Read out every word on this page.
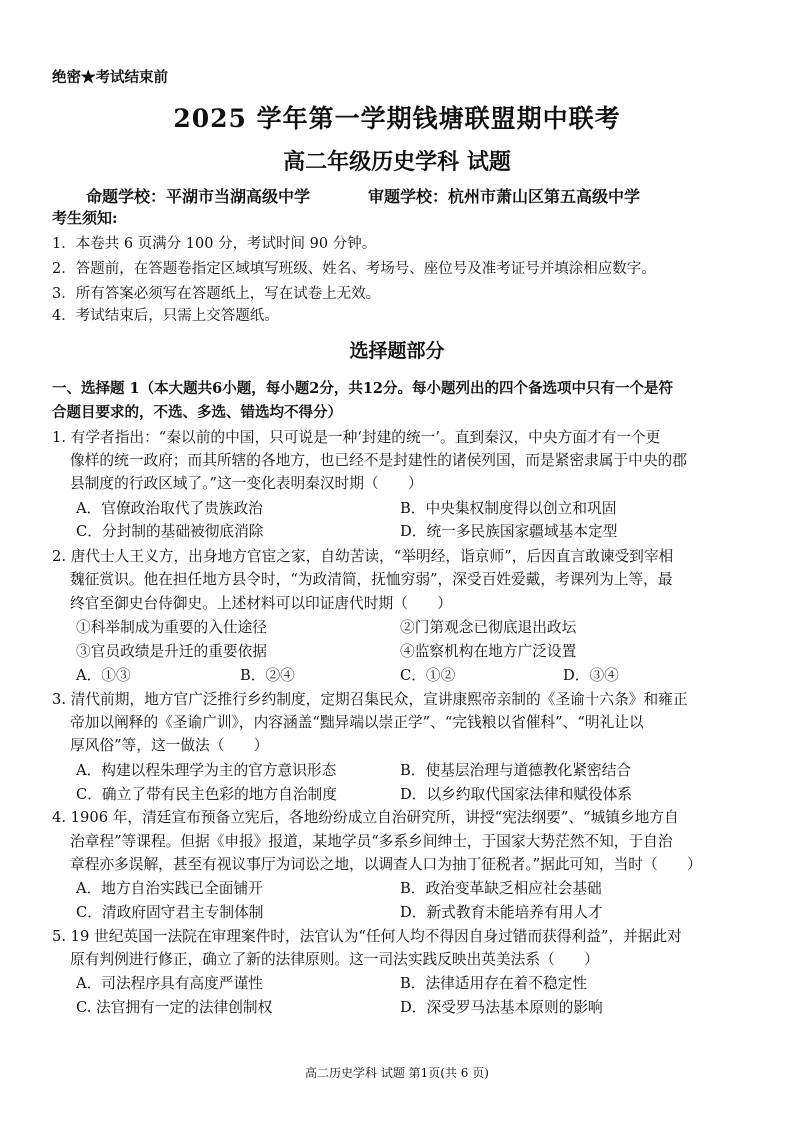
绝密★考试结束前
2025 学年第一学期钱塘联盟期中联考
高二年级历史学科 试题
命题学校：平湖市当湖高级中学	审题学校：杭州市萧山区第五高级中学
考生须知:
1．本卷共 6 页满分 100 分，考试时间 90 分钟。
2．答题前，在答题卷指定区域填写班级、姓名、考场号、座位号及准考证号并填涂相应数字。
3．所有答案必须写在答题纸上，写在试卷上无效。
4．考试结束后，只需上交答题纸。
选择题部分
一、选择题 1（本大题共6小题，每小题2分，共12分。每小题列出的四个备选项中只有一个是符
合题目要求的，不选、多选、错选均不得分）
1. 有学者指出：“秦以前的中国，只可说是一种‘封建的统一’。直到秦汉，中央方面才有一个更
像样的统一政府；而其所辖的各地方，也已经不是封建性的诸侯列国，而是紧密隶属于中央的郡
县制度的行政区域了。”这一变化表明秦汉时期（　　）
A．官僚政治取代了贵族政治	B．中央集权制度得以创立和巩固
C．分封制的基础被彻底消除	D．统一多民族国家疆域基本定型
2. 唐代士人王义方，出身地方官宦之家，自幼苦读，“举明经，诣京师”，后因直言敢谏受到宰相
魏征赏识。他在担任地方县令时，“为政清简，抚恤穷弱”，深受百姓爱戴，考课列为上等，最
终官至御史台侍御史。上述材料可以印证唐代时期（　　）
①科举制成为重要的入仕途径	②门第观念已彻底退出政坛
③官员政绩是升迁的重要依据	④监察机构在地方广泛设置
A．①③	B．②④	C．①②	D．③④
3. 清代前期，地方官广泛推行乡约制度，定期召集民众，宣讲康熙帝亲制的《圣谕十六条》和雍正
帝加以阐释的《圣谕广训》，内容涵盖“黜异端以崇正学”、“完钱粮以省催科”、“明礼让以
厚风俗”等，这一做法（　　）
A．构建以程朱理学为主的官方意识形态	B．使基层治理与道德教化紧密结合
C．确立了带有民主色彩的地方自治制度	D．以乡约取代国家法律和赋役体系
4. 1906 年，清廷宣布预备立宪后，各地纷纷成立自治研究所，讲授“宪法纲要”、“城镇乡地方自
治章程”等课程。但据《申报》报道，某地学员“多系乡间绅士，于国家大势茫然不知，于自治
章程亦多误解，甚至有视议事厅为词讼之地，以调查人口为抽丁征税者。”据此可知，当时（　　）
A．地方自治实践已全面铺开	B．政治变革缺乏相应社会基础
C．清政府固守君主专制体制	D．新式教育未能培养有用人才
5. 19 世纪英国一法院在审理案件时，法官认为“任何人均不得因自身过错而获得利益”，并据此对
原有判例进行修正，确立了新的法律原则。这一司法实践反映出英美法系（　　）
A．司法程序具有高度严谨性	B．法律适用存在着不稳定性
C. 法官拥有一定的法律创制权	D．深受罗马法基本原则的影响
高二历史学科 试题 第1页(共 6 页)
